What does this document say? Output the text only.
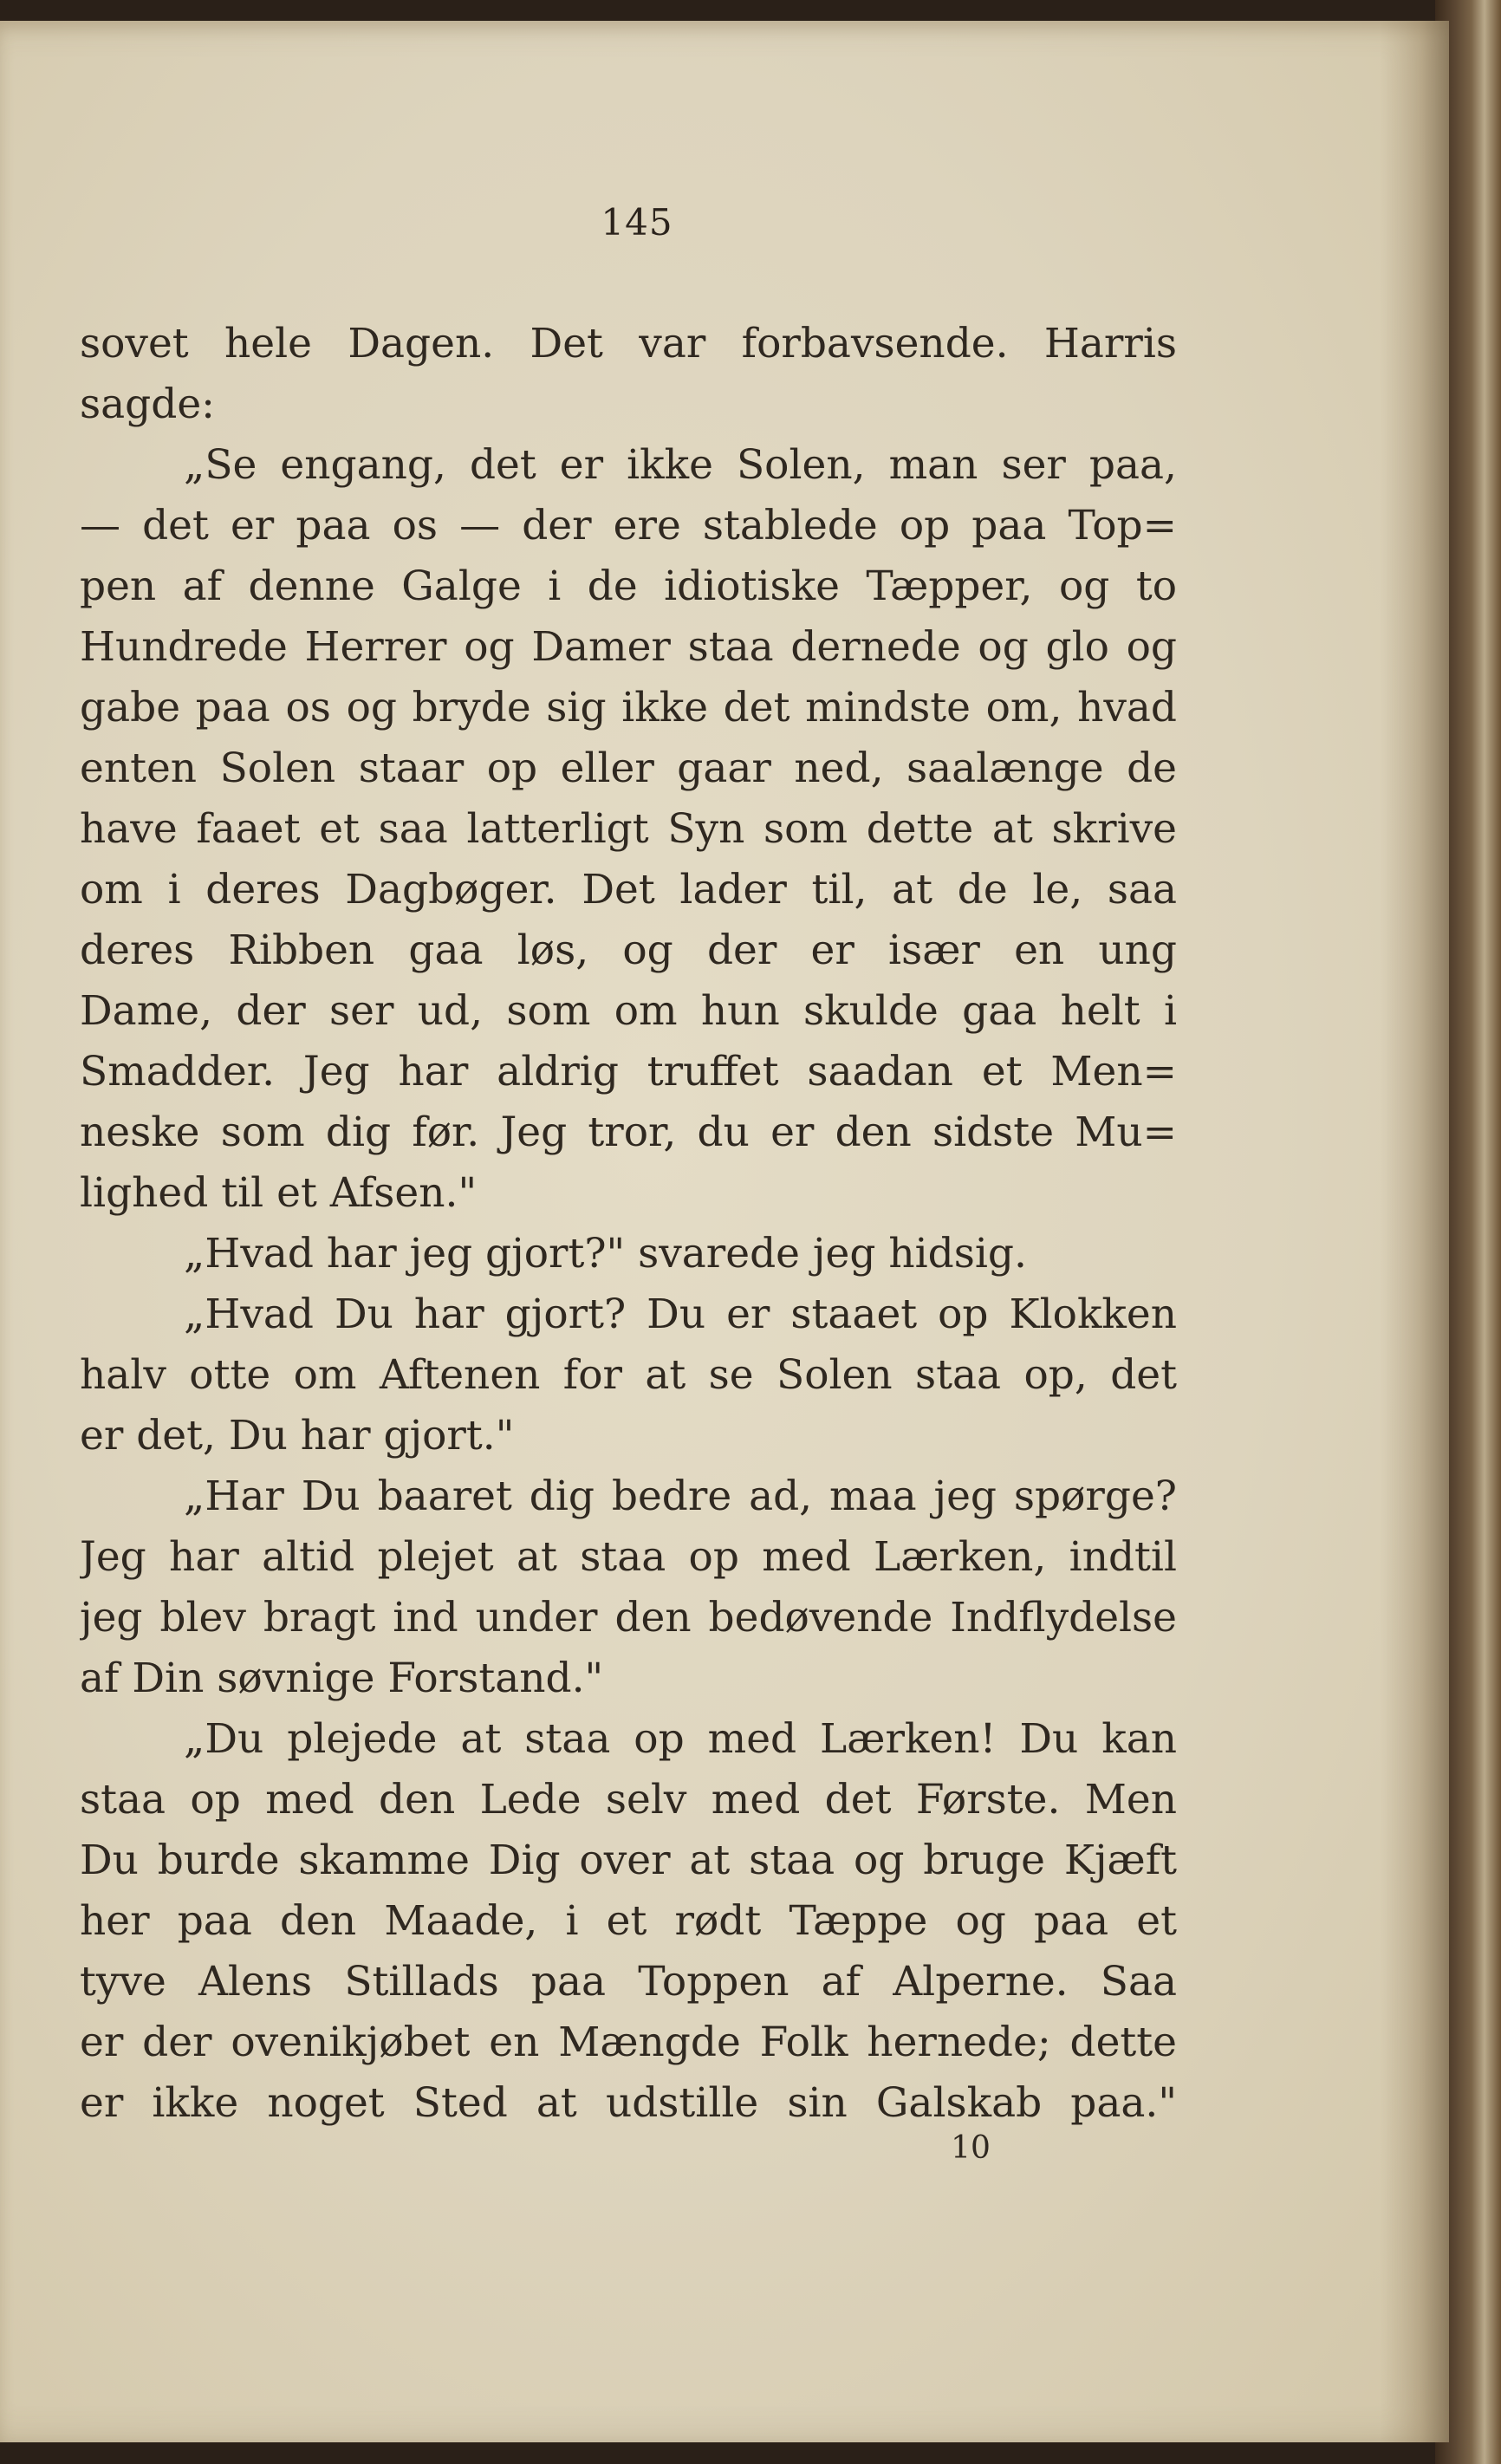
145
sovet hele Dagen. Det var forbavsende. Harris
sagde:
„Se engang, det er ikke Solen, man ser paa,
— det er paa os — der ere stablede op paa Top=
pen af denne Galge i de idiotiske Tæpper, og to
Hundrede Herrer og Damer staa dernede og glo og
gabe paa os og bryde sig ikke det mindste om, hvad
enten Solen staar op eller gaar ned, saalænge de
have faaet et saa latterligt Syn som dette at skrive
om i deres Dagbøger. Det lader til, at de le, saa
deres Ribben gaa løs, og der er især en ung
Dame, der ser ud, som om hun skulde gaa helt i
Smadder. Jeg har aldrig truffet saadan et Men=
neske som dig før. Jeg tror, du er den sidste Mu=
lighed til et Afsen."
„Hvad har jeg gjort?" svarede jeg hidsig.
„Hvad Du har gjort? Du er staaet op Klokken
halv otte om Aftenen for at se Solen staa op, det
er det, Du har gjort."
„Har Du baaret dig bedre ad, maa jeg spørge?
Jeg har altid plejet at staa op med Lærken, indtil
jeg blev bragt ind under den bedøvende Indflydelse
af Din søvnige Forstand."
„Du plejede at staa op med Lærken! Du kan
staa op med den Lede selv med det Første. Men
Du burde skamme Dig over at staa og bruge Kjæft
her paa den Maade, i et rødt Tæppe og paa et
tyve Alens Stillads paa Toppen af Alperne. Saa
er der ovenikjøbet en Mængde Folk hernede; dette
er ikke noget Sted at udstille sin Galskab paa."
10
